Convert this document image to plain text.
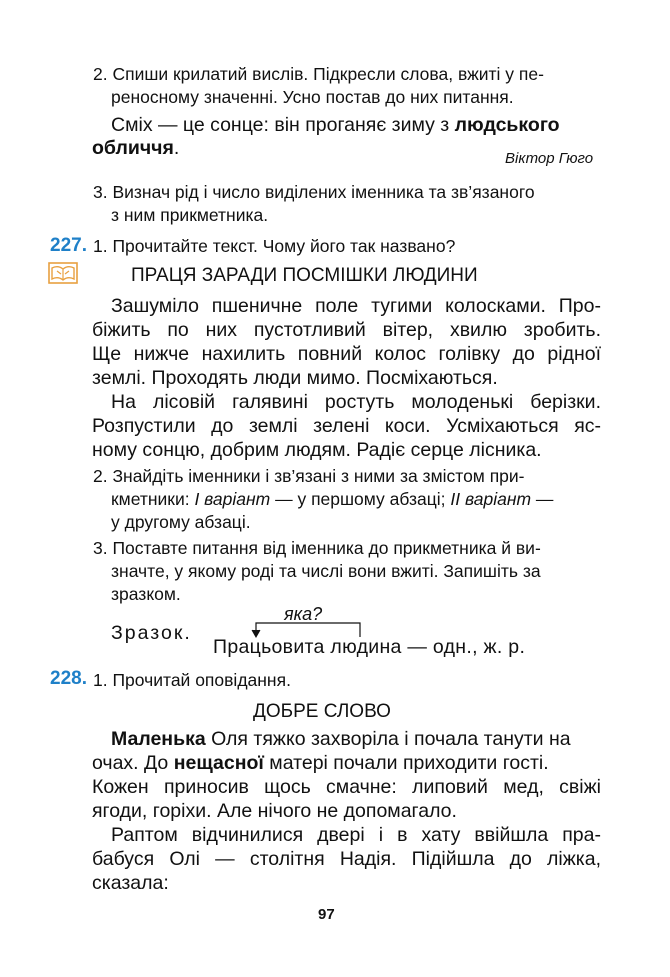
2. Спиши крилатий вислів. Підкресли слова, вжиті у пе-
реносному значенні. Усно постав до них питання.
Сміх — це сонце: він проганяє зиму з людського
обличчя.	Віктор Гюго
3. Визнач рід і число виділених іменника та зв’язаного
з ним прикметника.
227. 1. Прочитайте текст. Чому його так названо?
ПРАЦЯ ЗАРАДИ ПОСМІШКИ ЛЮДИНИ
Зашуміло пшеничне поле тугими колосками. Про-
біжить по них пустотливий вітер, хвилю зробить.
Ще нижче нахилить повний колос голівку до рідної
землі. Проходять люди мимо. Посміхаються.
На лісовій галявині ростуть молоденькі берізки.
Розпустили до землі зелені коси. Усміхаються яс-
ному сонцю, добрим людям. Радіє серце лісника.
2. Знайдіть іменники і зв’язані з ними за змістом при-
кметники: I варіант — у першому абзаці; II варіант —
у другому абзаці.
3. Поставте питання від іменника до прикметника й ви-
значте, у якому роді та числі вони вжиті. Запишіть за
зразком.
Зразок.
яка?
Працьовита людина — одн., ж. р.
228. 1. Прочитай оповідання.
ДОБРЕ СЛОВО
Маленька Оля тяжко захворіла і почала танути на
очах. До нещасної матері почали приходити гості.
Кожен приносив щось смачне: липовий мед, свіжі
ягоди, горіхи. Але нічого не допомагало.
Раптом відчинилися двері і в хату ввійшла пра-
бабуся Олі — столітня Надія. Підійшла до ліжка,
сказала:
97
